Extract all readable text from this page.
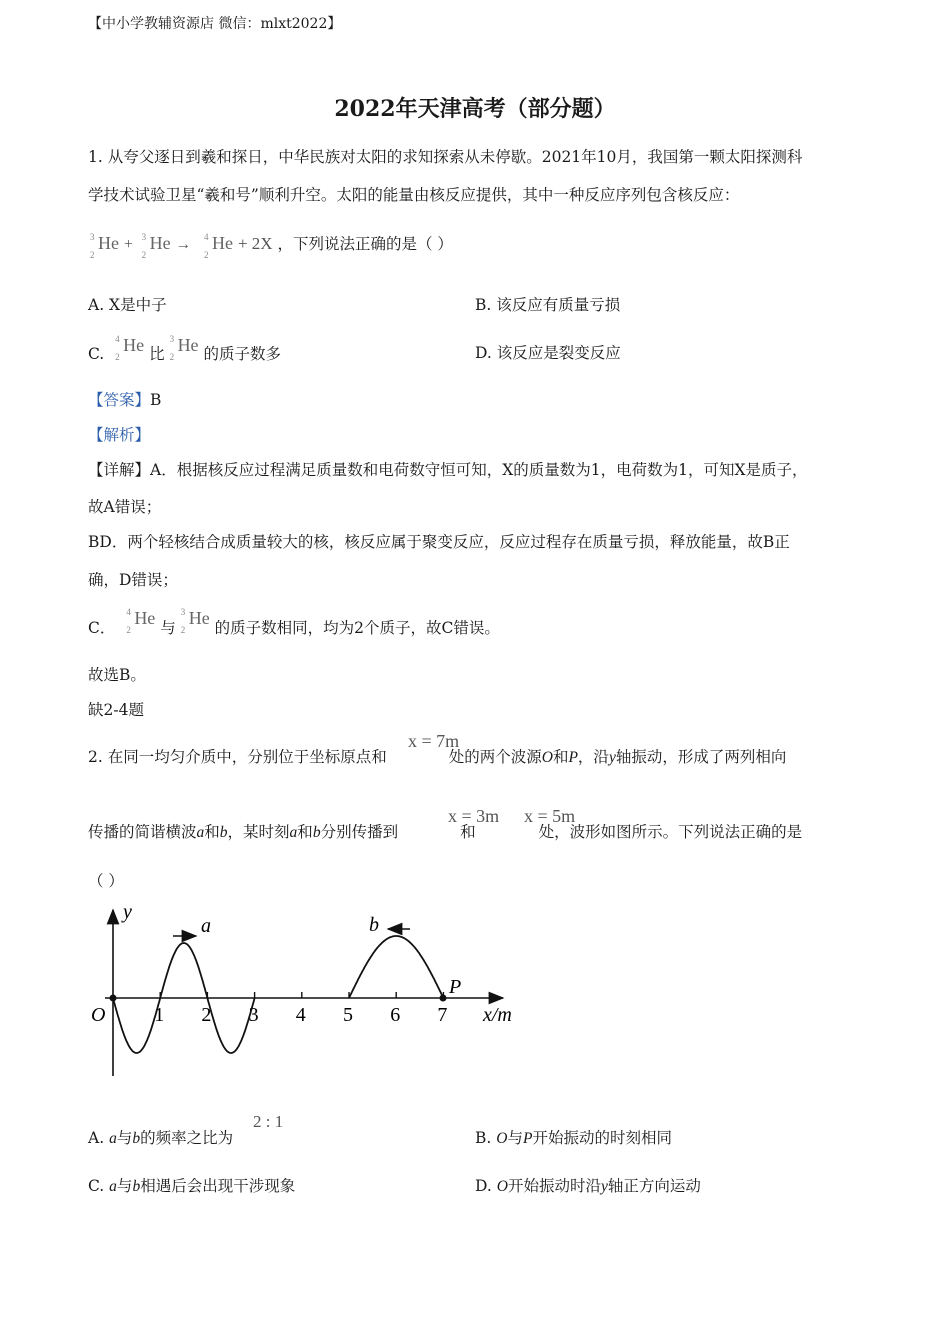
【中小学教辅资源店 微信：mlxt2022】
2022年天津高考（部分题）
1. 从夸父逐日到羲和探日，中华民族对太阳的求知探索从未停歇。2021年10月，我国第一颗太阳探测科
学技术试验卫星“羲和号”顺利升空。太阳的能量由核反应提供，其中一种反应序列包含核反应：
3
2
He + 3
2
He → 4
2
He + 2X ，下列说法正确的是（ ）
A. X是中子	B. 该反应有质量亏损
C.
4
2
He 比
3
2
He 的质子数多	D. 该反应是裂变反应
【答案】B
【解析】
【详解】A．根据核反应过程满足质量数和电荷数守恒可知，X的质量数为1，电荷数为1，可知X是质子，
故A错误；
BD．两个轻核结合成质量较大的核，核反应属于聚变反应，反应过程存在质量亏损，释放能量，故B正
确，D错误；
C．
4
2
He 与
3
2
He 的质子数相同，均为2个质子，故C错误。
故选B。
缺2-4题
x = 7m
2. 在同一均匀介质中，分别位于坐标原点和	处的两个波源O和P，沿y轴振动，形成了两列相向
x = 3m x = 5m
传播的简谐横波a和b，某时刻a和b分别传播到	和	处，波形如图所示。下列说法正确的是
（ ）
y
x/m
O 1 2 3 4 5 6 7
a	b
P
2 : 1
A. a与b的频率之比为	B. O与P开始振动的时刻相同
C. a与b相遇后会出现干涉现象	D. O开始振动时沿y轴正方向运动
